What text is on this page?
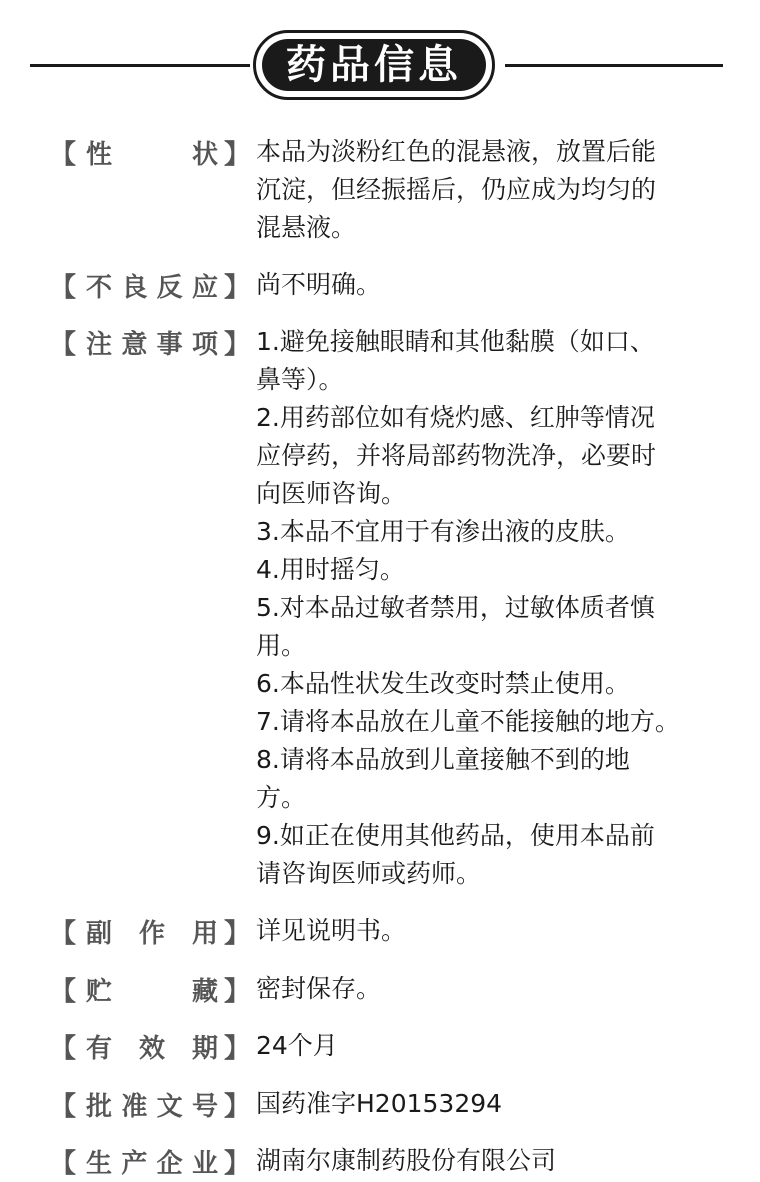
药品信息
【 性	状 】 本品为淡粉红色的混悬液，放置后能
沉淀，但经振摇后，仍应成为均匀的
混悬液。
【 不 良 反 应 】 尚不明确。
【 注 意 事 项 】 1.避免接触眼睛和其他黏膜（如口、
鼻等）。
2.用药部位如有烧灼感、红肿等情况
应停药，并将局部药物洗净，必要时
向医师咨询。
3.本品不宜用于有渗出液的皮肤。
4.用时摇匀。
5.对本品过敏者禁用，过敏体质者慎
用。
6.本品性状发生改变时禁止使用。
7.请将本品放在儿童不能接触的地方。
8.请将本品放到儿童接触不到的地
方。
9.如正在使用其他药品，使用本品前
请咨询医师或药师。
【 副 作 用 】 详见说明书。
【 贮	藏 】 密封保存。
【 有 效 期 】 24个月
【 批 准 文 号 】 国药准字H20153294
【 生 产 企 业 】 湖南尔康制药股份有限公司
